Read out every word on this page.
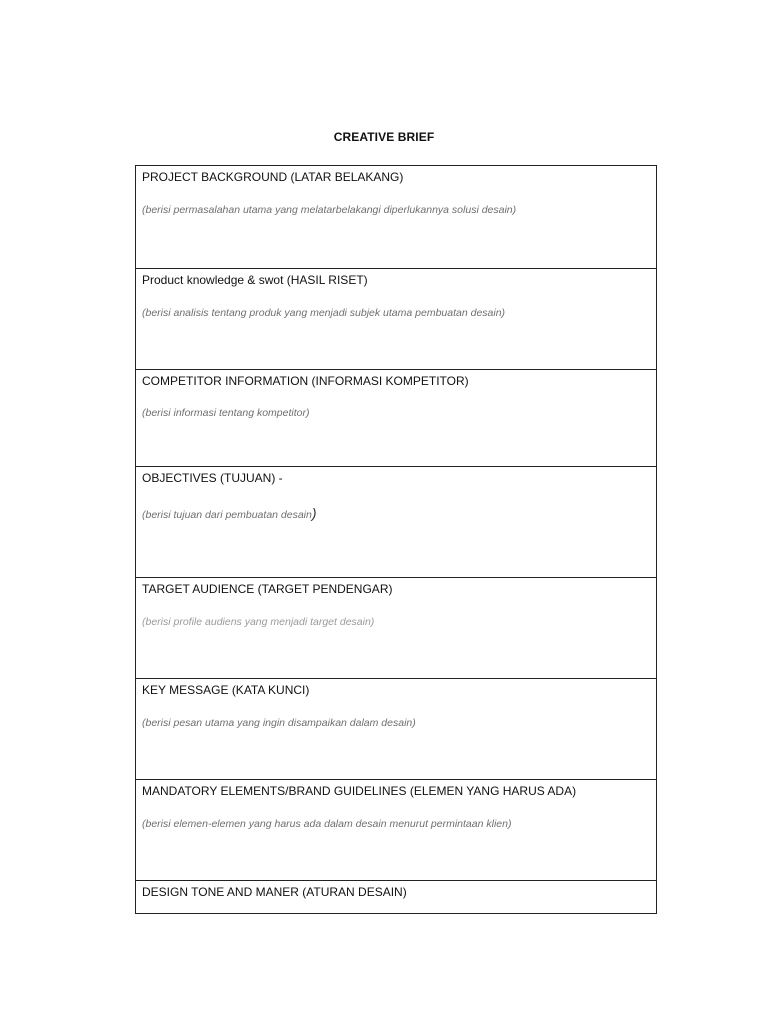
CREATIVE BRIEF
PROJECT BACKGROUND (LATAR BELAKANG)
(berisi permasalahan utama yang melatarbelakangi diperlukannya solusi desain)
Product knowledge & swot (HASIL RISET)
(berisi analisis tentang produk yang menjadi subjek utama pembuatan desain)
COMPETITOR INFORMATION (INFORMASI KOMPETITOR)
(berisi informasi tentang kompetitor)
OBJECTIVES (TUJUAN) -
(berisi tujuan dari pembuatan desain)
TARGET AUDIENCE (TARGET PENDENGAR)
(berisi profile audiens yang menjadi target desain)
KEY MESSAGE (KATA KUNCI)
(berisi pesan utama yang ingin disampaikan dalam desain)
MANDATORY ELEMENTS/BRAND GUIDELINES (ELEMEN YANG HARUS ADA)
(berisi elemen-elemen yang harus ada dalam desain menurut permintaan klien)
DESIGN TONE AND MANER (ATURAN DESAIN)
